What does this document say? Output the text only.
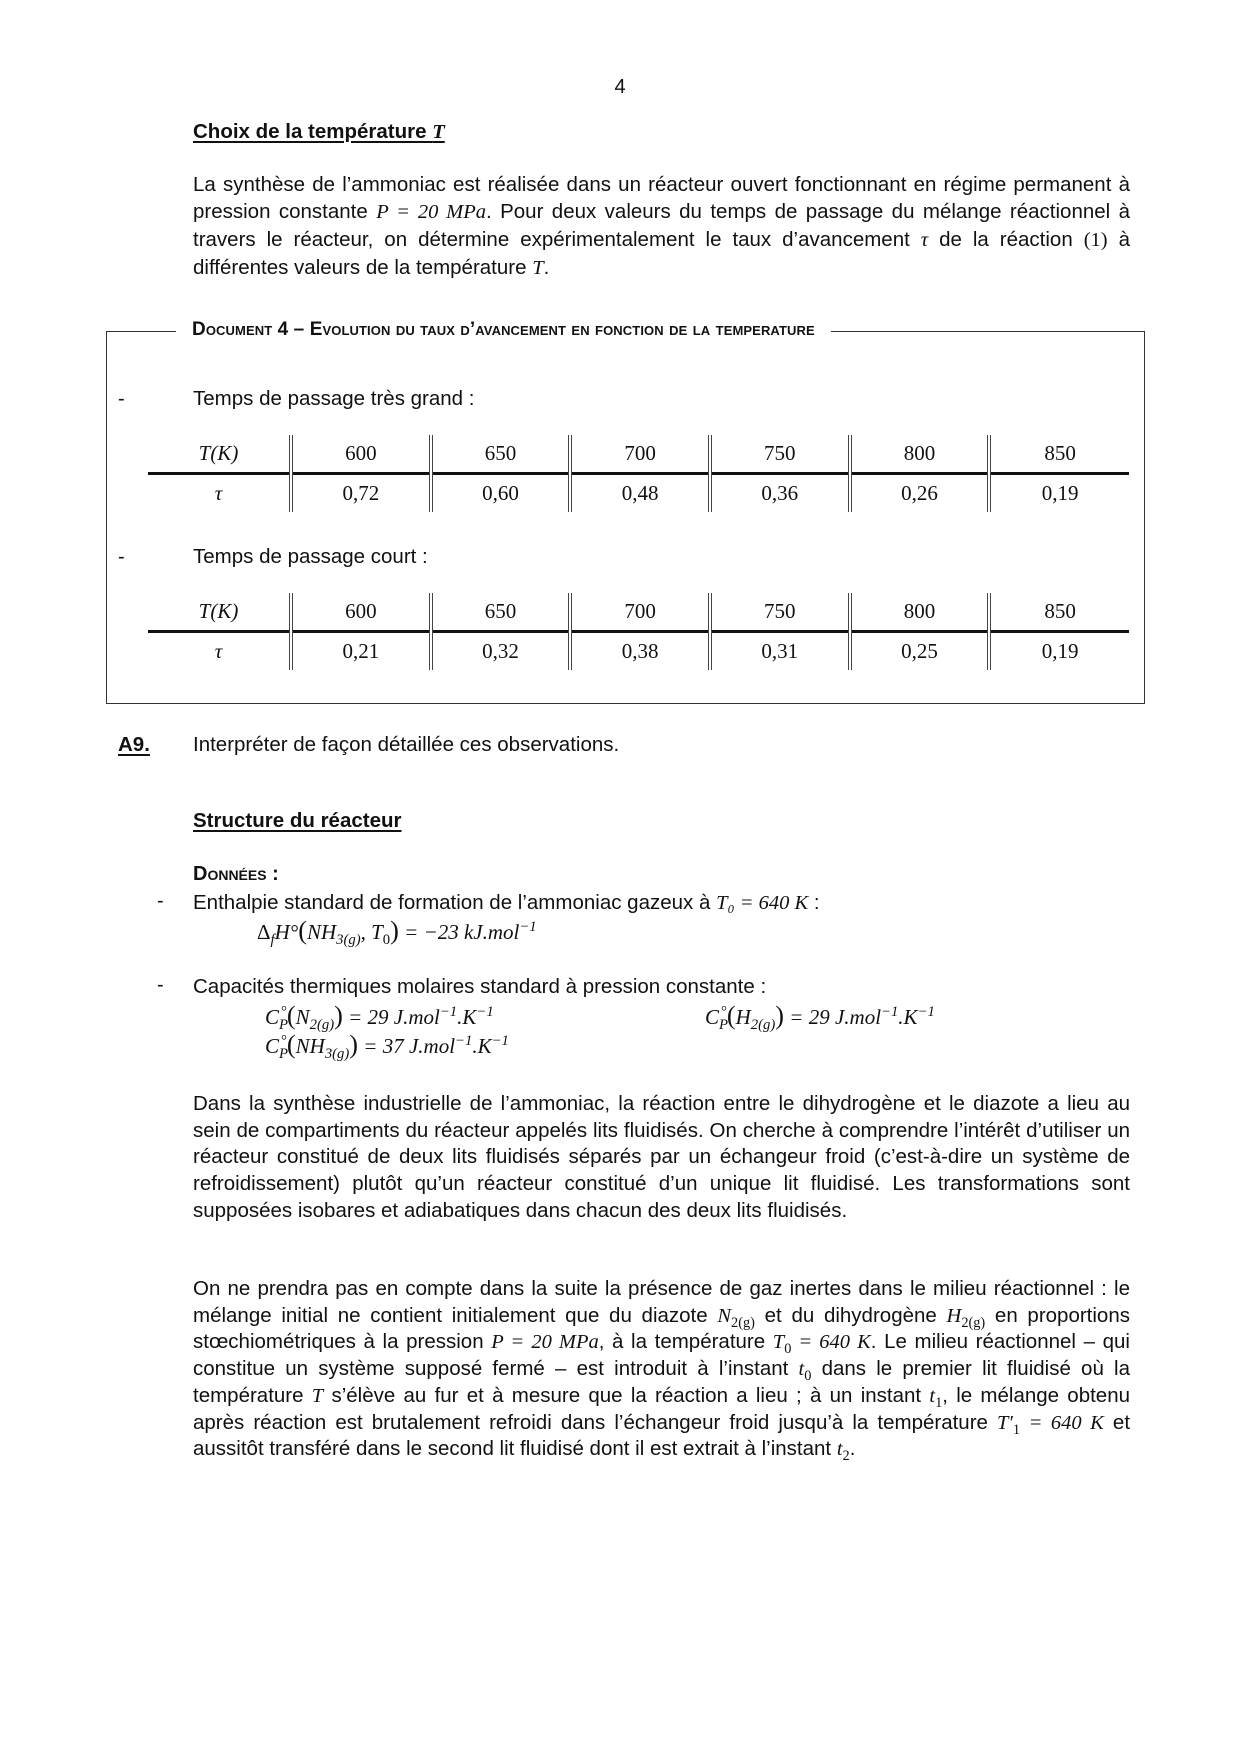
4
Choix de la température T

La synthèse de l’ammoniac est réalisée dans un réacteur ouvert fonctionnant en régime permanent à pression constante P = 20 MPa. Pour deux valeurs du temps de passage du mélange réactionnel à travers le réacteur, on détermine expérimentalement le taux d’avancement τ de la réaction (1) à différentes valeurs de la température T.

Document 4 – Evolution du taux d’avancement en fonction de la temperature
-	Temps de passage très grand :
T(K)	600	650	700	750	800	850
τ	0,72	0,60	0,48	0,36	0,26	0,19
-	Temps de passage court :
T(K)	600	650	700	750	800	850
τ	0,21	0,32	0,38	0,31	0,25	0,19
A9. Interpréter de façon détaillée ces observations.
Structure du réacteur
Données :
- Enthalpie standard de formation de l’ammoniac gazeux à T₀ = 640 K :
$\Delta_fH^\circ(NH_{3(g)}$, $T_0) = -23$ kJ.mol$^{-1}$
- Capacités thermiques molaires standard à pression constante :
$C_P^\circ(N_{2(g)}) = 29$ $J.mol^{-1}.K^{-1}$	$C_P^\circ(H_{2(g)}) = 29$ $J.mol^{-1}.K^{-1}$
$C_P^\circ(NH_{3(g)}) = 37$ $J.mol^{-1}.K^{-1}$

Dans la synthèse industrielle de l’ammoniac, la réaction entre le dihydrogène et le diazote a lieu au sein de compartiments du réacteur appelés lits fluidisés. On cherche à comprendre l’intérêt d’utiliser un réacteur constitué de deux lits fluidisés séparés par un échangeur froid (c’est-à-dire un système de refroidissement) plutôt qu’un réacteur constitué d’un unique lit fluidisé. Les transformations sont supposées isobares et adiabatiques dans chacun des deux lits fluidisés.

On ne prendra pas en compte dans la suite la présence de gaz inertes dans le milieu réactionnel : le mélange initial ne contient initialement que du diazote $N_{2(g)}$ et du dihydrogène $H_{2(g)}$ en proportions stœchiométriques à la pression P = 20 MPa, à la température $T_0 = 640$ K. Le milieu réactionnel – qui constitue un système supposé fermé – est introduit à l’instant $t_0$ dans le premier lit fluidisé où la température T s’élève au fur et à mesure que la réaction a lieu ; à un instant $t_1$, le mélange obtenu après réaction est brutalement refroidi dans l’échangeur froid jusqu’à la température $T'_1 = 640$ K et aussitôt transféré dans le second lit fluidisé dont il est extrait à l’instant $t_2$.
